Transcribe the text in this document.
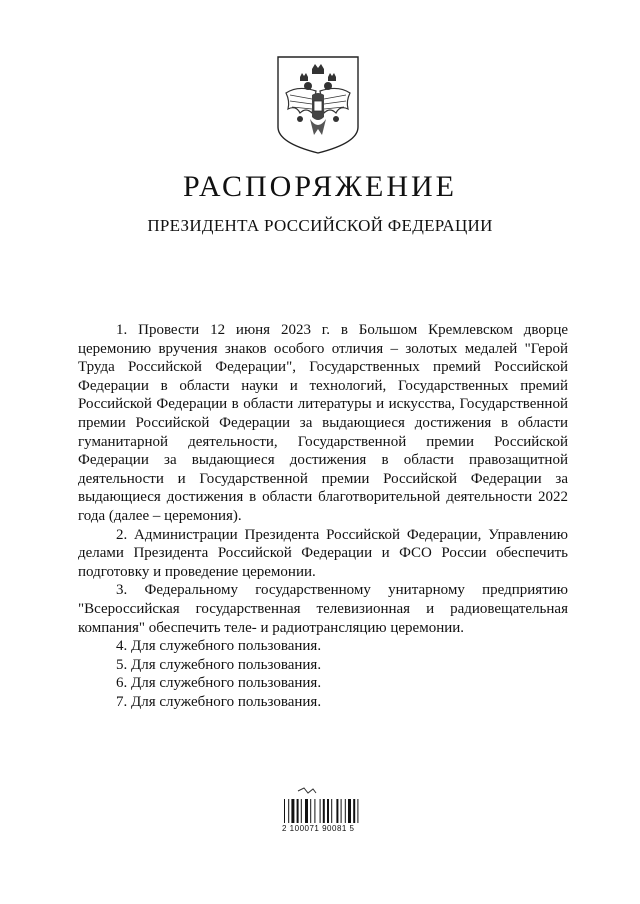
РАСПОРЯЖЕНИЕ
ПРЕЗИДЕНТА РОССИЙСКОЙ ФЕДЕРАЦИИ

1. Провести 12 июня 2023 г. в Большом Кремлевском дворце церемонию вручения знаков особого отличия – золотых медалей "Герой Труда Российской Федерации", Государственных премий Российской Федерации в области науки и технологий, Государственных премий Российской Федерации в области литературы и искусства, Государственной премии Российской Федерации за выдающиеся достижения в области гуманитарной деятельности, Государственной премии Российской Федерации за выдающиеся достижения в области правозащитной деятельности и Государственной премии Российской Федерации за выдающиеся достижения в области благотворительной деятельности 2022 года (далее – церемония).

2. Администрации Президента Российской Федерации, Управлению делами Президента Российской Федерации и ФСО России обеспечить подготовку и проведение церемонии.

3. Федеральному государственному унитарному предприятию "Всероссийская государственная телевизионная и радиовещательная компания" обеспечить теле- и радиотрансляцию церемонии.

4. Для служебного пользования.

5. Для служебного пользования.

6. Для служебного пользования.

7. Для служебного пользования.

2 100071 90081 5
